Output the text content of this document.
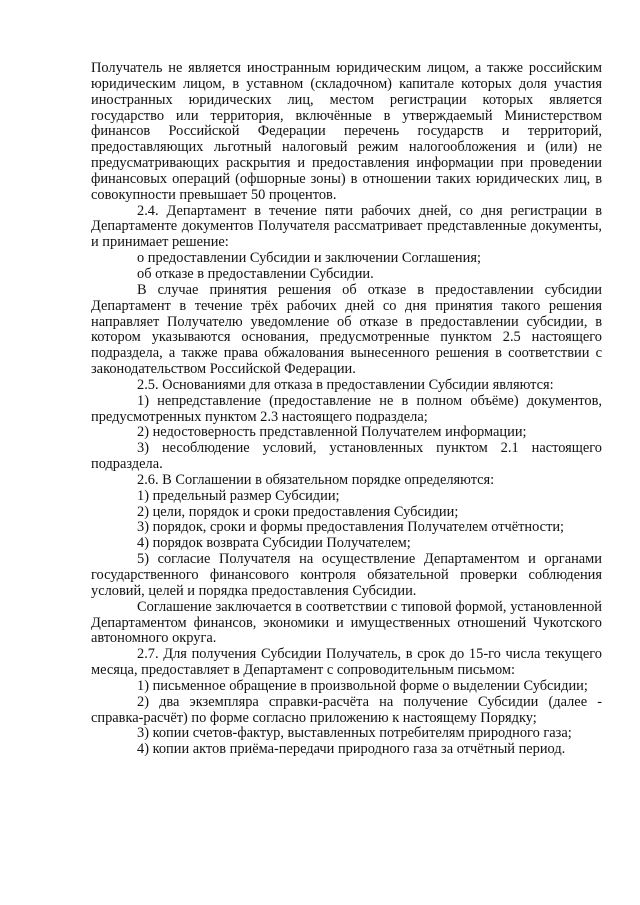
Получатель не является иностранным юридическим лицом, а также российским юридическим лицом, в уставном (складочном) капитале которых доля участия иностранных юридических лиц, местом регистрации которых является государство или территория, включённые в утверждаемый Министерством финансов Российской Федерации перечень государств и территорий, предоставляющих льготный налоговый режим налогообложения и (или) не предусматривающих раскрытия и предоставления информации при проведении финансовых операций (офшорные зоны) в отношении таких юридических лиц, в совокупности превышает 50 процентов.

2.4. Департамент в течение пяти рабочих дней, со дня регистрации в Департаменте документов Получателя рассматривает представленные документы, и принимает решение:

о предоставлении Субсидии и заключении Соглашения;

об отказе в предоставлении Субсидии.

В случае принятия решения об отказе в предоставлении субсидии Департамент в течение трёх рабочих дней со дня принятия такого решения направляет Получателю уведомление об отказе в предоставлении субсидии, в котором указываются основания, предусмотренные пунктом 2.5 настоящего подраздела, а также права обжалования вынесенного решения в соответствии с законодательством Российской Федерации.

2.5. Основаниями для отказа в предоставлении Субсидии являются:

1) непредставление (предоставление не в полном объёме) документов, предусмотренных пунктом 2.3 настоящего подраздела;

2) недостоверность представленной Получателем информации;

3) несоблюдение условий, установленных пунктом 2.1 настоящего подраздела.

2.6. В Соглашении в обязательном порядке определяются:

1) предельный размер Субсидии;

2) цели, порядок и сроки предоставления Субсидии;

3) порядок, сроки и формы предоставления Получателем отчётности;

4) порядок возврата Субсидии Получателем;

5) согласие Получателя на осуществление Департаментом и органами государственного финансового контроля обязательной проверки соблюдения условий, целей и порядка предоставления Субсидии.

Соглашение заключается в соответствии с типовой формой, установленной Департаментом финансов, экономики и имущественных отношений Чукотского автономного округа.

2.7. Для получения Субсидии Получатель, в срок до 15-го числа текущего месяца, предоставляет в Департамент с сопроводительным письмом:

1) письменное обращение в произвольной форме о выделении Субсидии;

2) два экземпляра справки-расчёта на получение Субсидии (далее - справка-расчёт) по форме согласно приложению к настоящему Порядку;

3) копии счетов-фактур, выставленных потребителям природного газа;

4) копии актов приёма-передачи природного газа за отчётный период.
